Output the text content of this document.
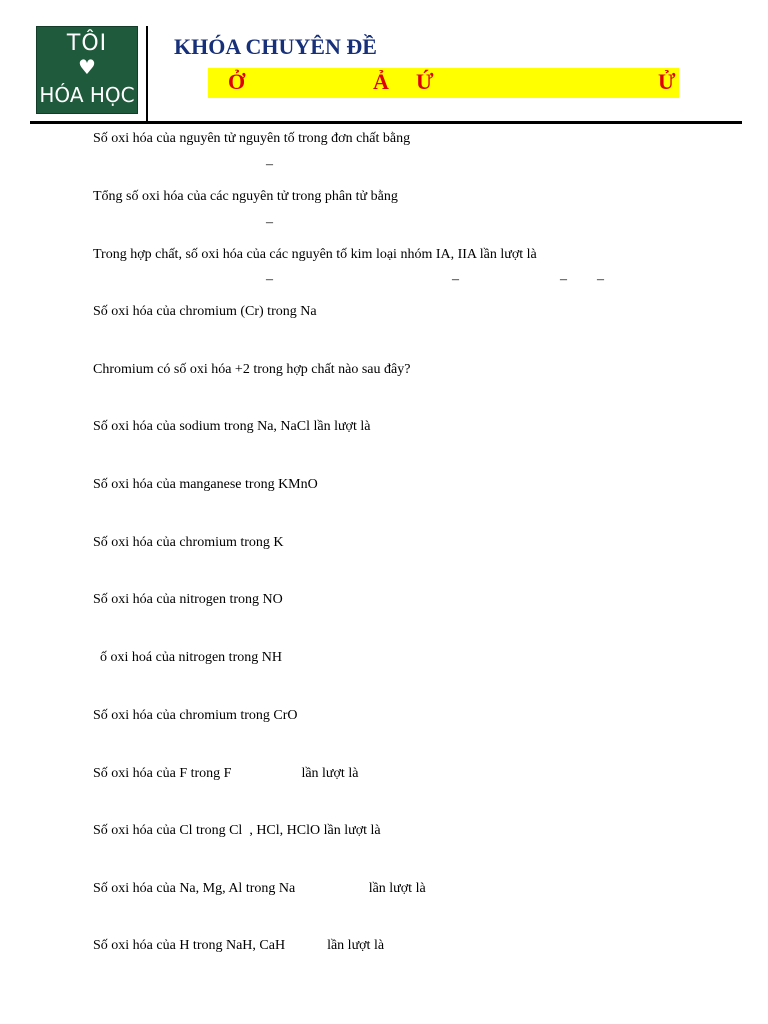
TÔI
♥
HÓA HỌC
KHÓA CHUYÊN ĐỀ
Ở	Ả Ứ	Ử
Số oxi hóa của nguyên tử nguyên tố trong đơn chất bằng
–
Tổng số oxi hóa của các nguyên tử trong phân tử bằng
–
Trong hợp chất, số oxi hóa của các nguyên tố kim loại nhóm IA, IIA lần lượt là
–	–	– –
Số oxi hóa của chromium (Cr) trong Na
Chromium có số oxi hóa +2 trong hợp chất nào sau đây?
Số oxi hóa của sodium trong Na, NaCl lần lượt là
Số oxi hóa của manganese trong KMnO
Số oxi hóa của chromium trong K
Số oxi hóa của nitrogen trong NO
ố oxi hoá của nitrogen trong NH
Số oxi hóa của chromium trong CrO
Số oxi hóa của F trong F                    lần lượt là
Số oxi hóa của Cl trong Cl  , HCl, HClO lần lượt là
Số oxi hóa của Na, Mg, Al trong Na                     lần lượt là
Số oxi hóa của H trong NaH, CaH            lần lượt là
